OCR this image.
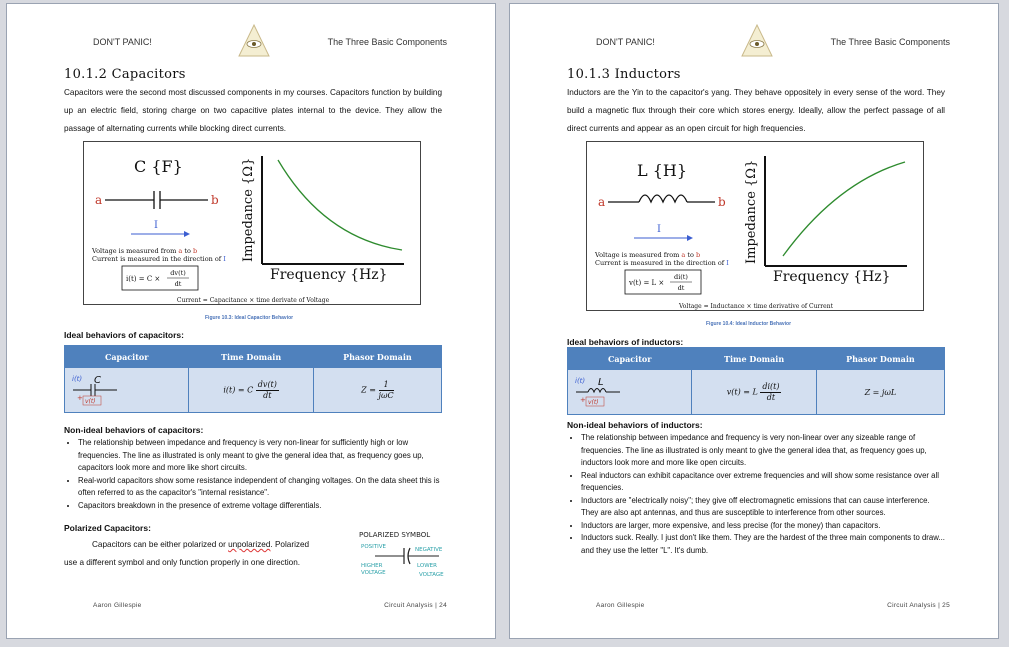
DON'T PANIC!	The Three Basic Components
10.1.2 Capacitors
Capacitors were the second most discussed components in my courses. Capacitors function by building up an electric field, storing charge on two capacitive plates internal to the device. They allow the passage of alternating currents while blocking direct currents.
C {F}
a	b
I
Voltage is measured from a to b
Current is measured in the direction of I
i(t) = C ×
dv(t)
dt
Impedance {Ω}
Frequency {Hz}
Current = Capacitance × time derivate of Voltage
Figure 10.3: Ideal Capacitor Behavior
Ideal behaviors of capacitors:
Capacitor	Time Domain	Phasor Domain

i(t) C
+ v(t)	i(t) = C $\frac{dv(t)}{dt}$	$Z = \frac{1}{\text{jωC}}$
Non-ideal behaviors of capacitors:
• The relationship between impedance and frequency is very non-linear for sufficiently high or low frequencies. The line as illustrated is only meant to give the general idea that, as frequency goes up, capacitors look more and more like short circuits.
• Real-world capacitors show some resistance independent of changing voltages. On the data sheet this is often referred to as the capacitor's "internal resistance".
• Capacitors breakdown in the presence of extreme voltage differentials.
Polarized Capacitors:
Capacitors can be either polarized or unpolarized. Polarized
use a different symbol and only function properly in one direction.
POLARIZED SYMBOL
POSITIVE	NEGATIVE
HIGHER
VOLTAGE
LOWER
VOLTAGE
Aaron Gillespie	Circuit Analysis | 24
DON'T PANIC!	The Three Basic Components
10.1.3 Inductors
Inductors are the Yin to the capacitor's yang. They behave oppositely in every sense of the word. They build a magnetic flux through their core which stores energy. Ideally, allow the perfect passage of all direct currents and appear as an open circuit for high frequencies.
L {H}
a	b
I
Voltage is measured from a to b
Current is measured in the direction of I
v(t) = L ×
di(t)
dt
Impedance {Ω}
Frequency {Hz}
Voltage = Inductance × time derivative of Current
Figure 10.4: Ideal Inductor Behavior
Ideal behaviors of inductors:
Capacitor	Time Domain	Phasor Domain

i(t) L
+ v(t)	v(t) = L $\frac{di(t)}{dt}$	Z = jωL
Non-ideal behaviors of inductors:
• The relationship between impedance and frequency is very non-linear over any sizeable range of frequencies. The line as illustrated is only meant to give the general idea that, as frequency goes up, inductors look more and more like open circuits.
• Real inductors can exhibit capacitance over extreme frequencies and will show some resistance over all frequencies.
• Inductors are "electrically noisy"; they give off electromagnetic emissions that can cause interference. They are also apt antennas, and thus are susceptible to interference from other sources.
• Inductors are larger, more expensive, and less precise (for the money) than capacitors.
• Inductors suck. Really. I just don't like them. They are the hardest of the three main components to draw... and they use the letter "L". It's dumb.
Aaron Gillespie	Circuit Analysis | 25
